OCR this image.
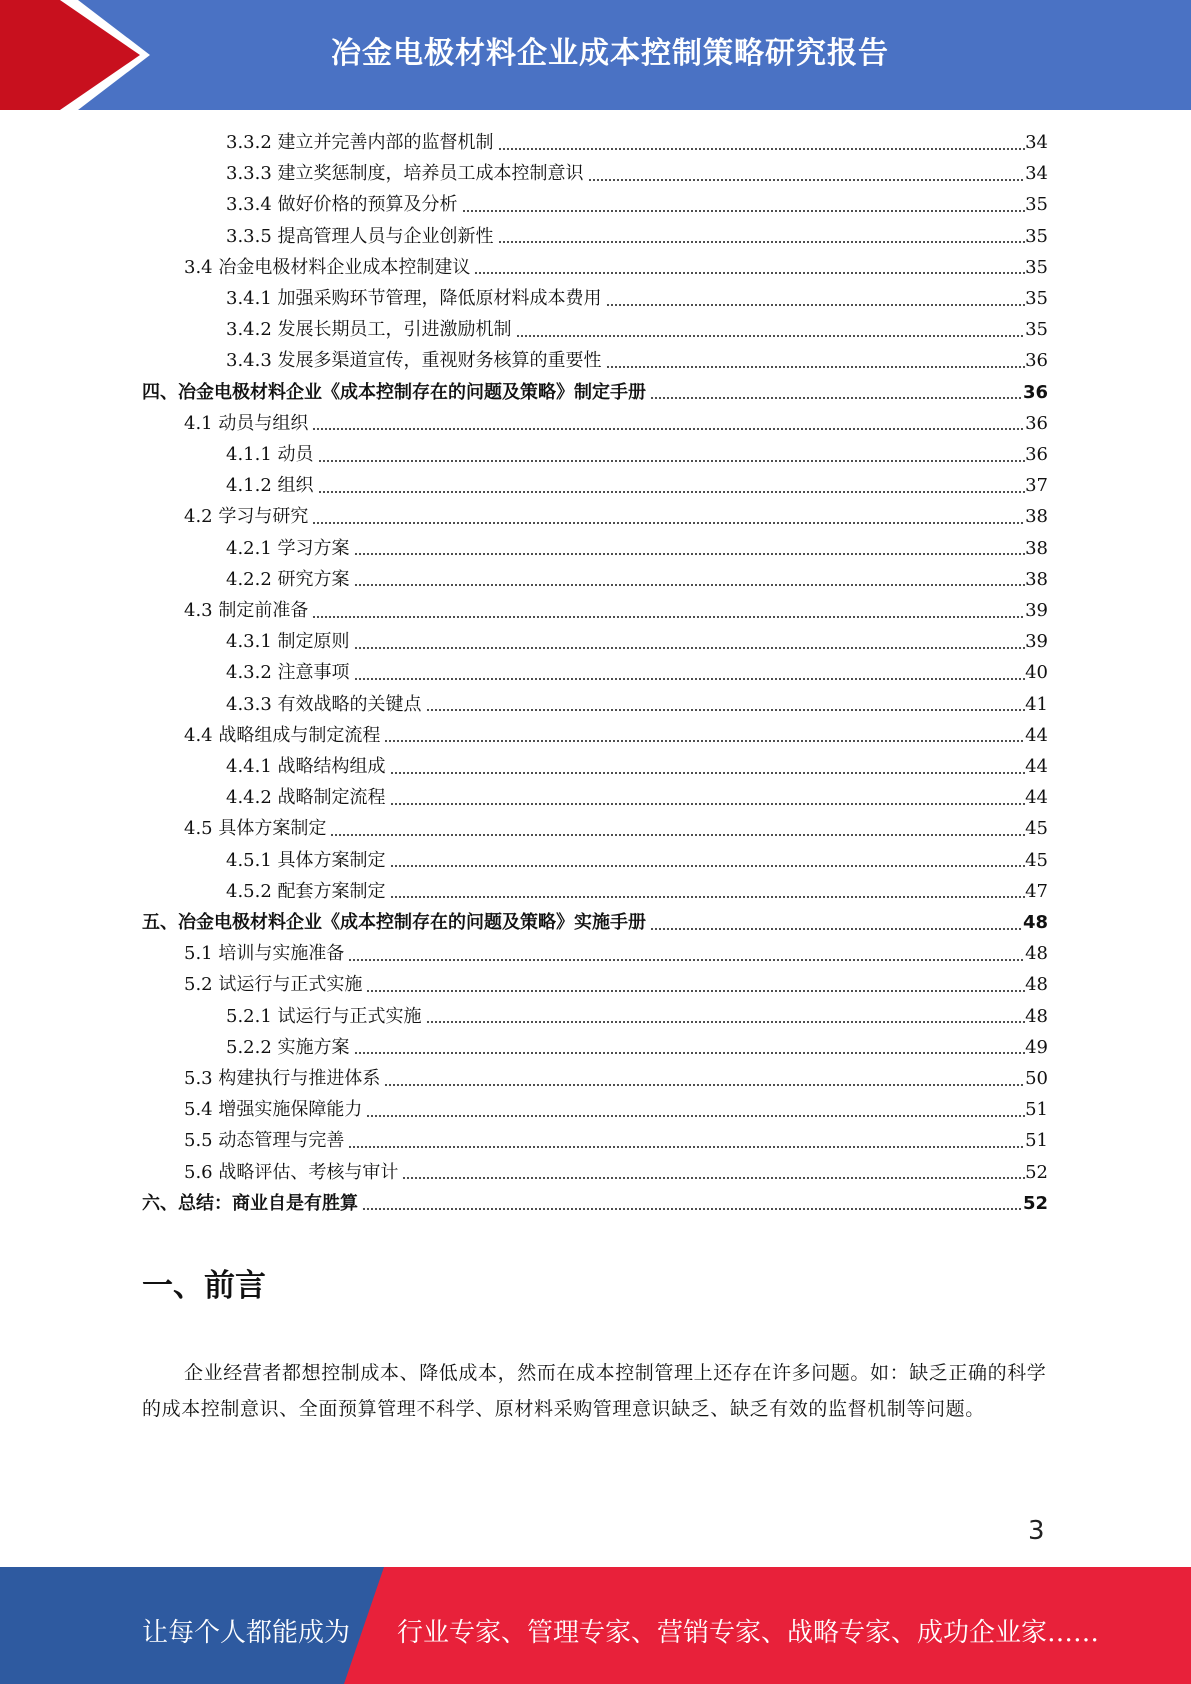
冶金电极材料企业成本控制策略研究报告
3.3.2 建立并完善内部的监督机制	34
3.3.3 建立奖惩制度，培养员工成本控制意识	34
3.3.4 做好价格的预算及分析	35
3.3.5 提高管理人员与企业创新性	35
3.4 冶金电极材料企业成本控制建议	35
3.4.1 加强采购环节管理，降低原材料成本费用	35
3.4.2 发展长期员工，引进激励机制	35
3.4.3 发展多渠道宣传，重视财务核算的重要性	36
四、冶金电极材料企业《成本控制存在的问题及策略》制定手册	36
4.1 动员与组织	36
4.1.1 动员	36
4.1.2 组织	37
4.2 学习与研究	38
4.2.1 学习方案	38
4.2.2 研究方案	38
4.3 制定前准备	39
4.3.1 制定原则	39
4.3.2 注意事项	40
4.3.3 有效战略的关键点	41
4.4 战略组成与制定流程	44
4.4.1 战略结构组成	44
4.4.2 战略制定流程	44
4.5 具体方案制定	45
4.5.1 具体方案制定	45
4.5.2 配套方案制定	47
五、冶金电极材料企业《成本控制存在的问题及策略》实施手册	48
5.1 培训与实施准备	48
5.2 试运行与正式实施	48
5.2.1 试运行与正式实施	48
5.2.2 实施方案	49
5.3 构建执行与推进体系	50
5.4 增强实施保障能力	51
5.5 动态管理与完善	51
5.6 战略评估、考核与审计	52
六、总结：商业自是有胜算	52
一、前言
企业经营者都想控制成本、降低成本，然而在成本控制管理上还存在许多问题。如：缺乏正确的科学的成本控制意识、全面预算管理不科学、原材料采购管理意识缺乏、缺乏有效的监督机制等问题。
3
让每个人都能成为 行业专家、管理专家、营销专家、战略专家、成功企业家……
